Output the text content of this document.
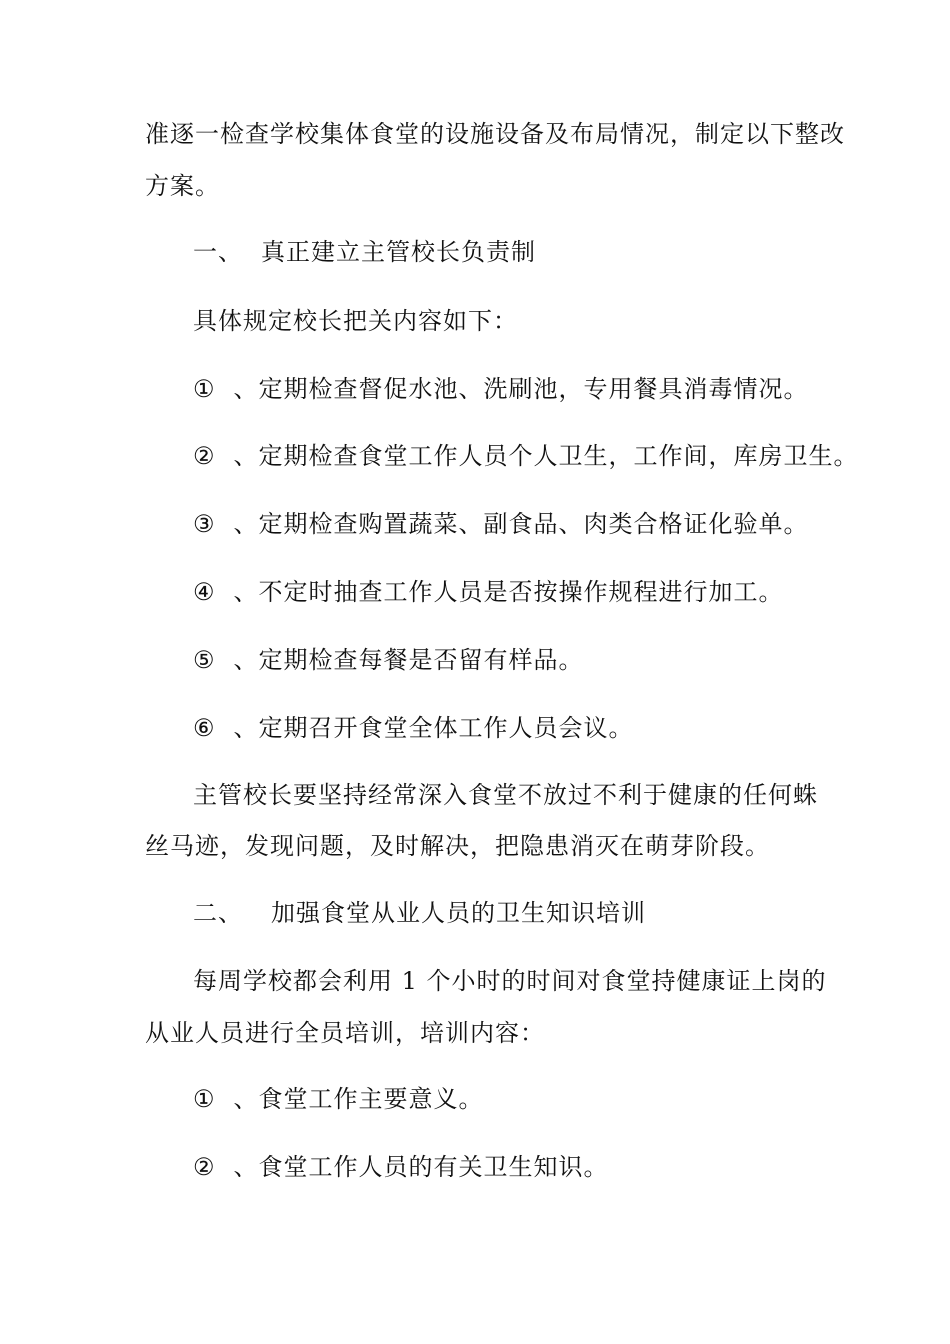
准逐一检查学校集体食堂的设施设备及布局情况，制定以下整改
方案。
一、 真正建立主管校长负责制
具体规定校长把关内容如下：
① 、定期检查督促水池、洗刷池，专用餐具消毒情况。
② 、定期检查食堂工作人员个人卫生，工作间，库房卫生。
③ 、定期检查购置蔬菜、副食品、肉类合格证化验单。
④ 、不定时抽查工作人员是否按操作规程进行加工。
⑤ 、定期检查每餐是否留有样品。
⑥ 、定期召开食堂全体工作人员会议。
主管校长要坚持经常深入食堂不放过不利于健康的任何蛛
丝马迹，发现问题，及时解决，把隐患消灭在萌芽阶段。
二、 加强食堂从业人员的卫生知识培训
每周学校都会利用 1 个小时的时间对食堂持健康证上岗的
从业人员进行全员培训，培训内容：
① 、食堂工作主要意义。
② 、食堂工作人员的有关卫生知识。
